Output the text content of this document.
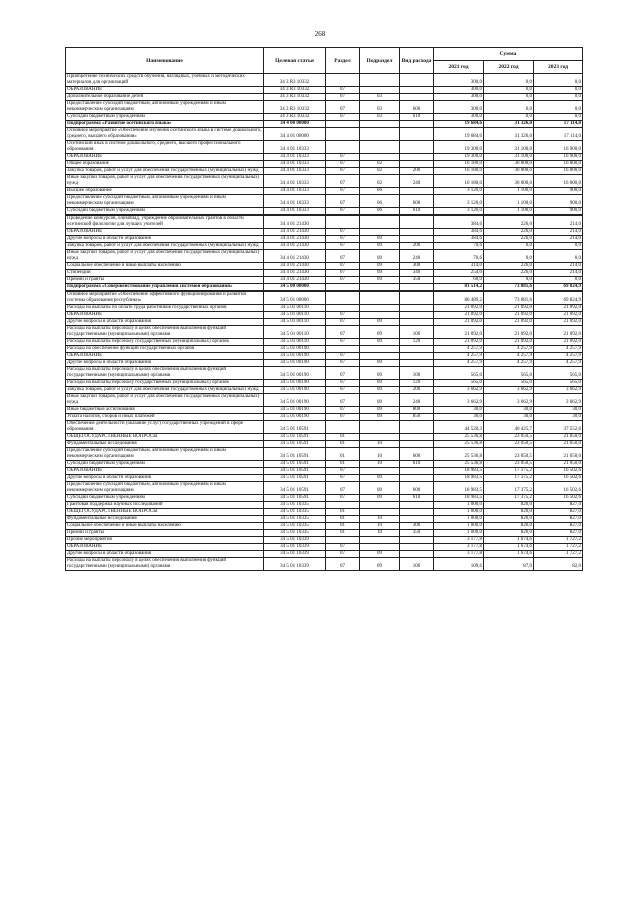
268
Наименование	Целевая статья	Раздел	Подраздел	Вид расхода	Сумма		
					2021 год	2022 год	2023 год
Приобретение технических средств обучения, наглядных, учебных и методических материалов для организаций	34 3 R3 10332				300,0	0,0	0,0
ОБРАЗОВАНИЕ	34 3 R3 10332	07			300,0	0,0	0,0
Дополнительное образование детей	34 3 R3 10332	07	03		300,0	0,0	0,0
Предоставление субсидий бюджетным, автономным учреждениям и иным некоммерческим организациям	34 3 R3 10332	07	03	600	300,0	0,0	0,0
Субсидии бюджетным учреждениям	34 3 R3 10332	07	03	610	300,0	0,0	0,0
Подпрограмма «Развитие осетинского языка»	34 4 00 00000				19 684,6	31 326,0	17 114,0
Основное мероприятие «Обеспечение изучения осетинского языка в системе дошкольного, среднего, высшего образования»	34 4 01 00000				19 684,6	31 326,0	17 114,0
Осетинский язык в системе дошкольного, среднего, высшего профессионального образования	34 4 01 10333				19 300,0	31 100,0	16 900,0
ОБРАЗОВАНИЕ	34 4 01 10333	07			19 300,0	31 100,0	16 900,0
Общее образование	34 4 01 10333	07	02		16 180,0	30 000,0	16 000,0
Закупка товаров, работ и услуг для обеспечения государственных (муниципальных) нужд	34 4 01 10333	07	02	200	16 180,0	30 000,0	16 000,0
Иные закупки товаров, работ и услуг для обеспечения государственных (муниципальных) нужд	34 4 01 10333	07	02	240	16 180,0	30 000,0	16 000,0
Высшее образование	34 4 01 10333	07	06		3 120,0	1 100,0	900,0
Предоставление субсидий бюджетным, автономным учреждениям и иным некоммерческим организациям	34 4 01 10333	07	06	600	3 120,0	1 100,0	900,0
Субсидии бюджетным учреждениям	34 4 01 10333	07	06	610	3 120,0	1 100,0	900,0

Проведение конкурсов, олимпиад, учреждение образовательных грантов в области осетинской филологии для лучших учителей	34 4 01 21430				384,6	226,0	214,0
ОБРАЗОВАНИЕ	34 4 01 21430	07			384,6	226,0	214,0
Другие вопросы в области образования	34 4 01 21430	07	09		384,6	226,0	214,0
Закупка товаров, работ и услуг для обеспечения государственных (муниципальных) нужд	34 4 01 21430	07	09	200	70,6	0,0	0,0
Иные закупки товаров, работ и услуг для обеспечения государственных (муниципальных) нужд	34 4 01 21430	07	09	240	70,6	0,0	0,0
Социальное обеспечение и иные выплаты населению	34 4 01 21430	07	09	300	314,0	226,0	214,0
Стипендии	34 4 01 21430	07	09	340	254,0	226,0	214,0
Премии и гранты	34 4 01 21430	07	09	350	60,0	0,0	0,0
Подпрограмма «Совершенствование управления системой образования»	34 5 00 00000				81 514,2	73 881,6	69 824,9

Основное мероприятие «Обеспечение эффективного функционирования и развития системы образования республики»	34 5 01 00000				80 489,2	73 081,6	69 824,9
Расходы на выплаты по оплате труда работников государственных органов	34 5 01 00110				21 092,0	21 092,0	21 092,0
ОБРАЗОВАНИЕ	34 5 01 00110	07			21 092,0	21 092,0	21 092,0
Другие вопросы в области образования	34 5 01 00110	07	09		21 092,0	21 092,0	21 092,0
Расходы на выплаты персоналу в целях обеспечения выполнения функций государственными (муниципальными) органами	34 5 01 00110	07	09	100	21 092,0	21 092,0	21 092,0
Расходы на выплаты персоналу государственных (муниципальных) органов	34 5 01 00110	07	09	120	21 092,0	21 092,0	21 092,0
Расходы на обеспечение функций государственных органов	34 5 01 00190				4 257,9	4 257,9	4 257,9
ОБРАЗОВАНИЕ	34 5 01 00190	07			4 257,9	4 257,9	4 257,9
Другие вопросы в области образования	34 5 01 00190	07	09		4 257,9	4 257,9	4 257,9
Расходы на выплаты персоналу в целях обеспечения выполнения функций государственными (муниципальными) органами	34 5 01 00190	07	09	100	565,0	565,0	565,0
Расходы на выплаты персоналу государственных (муниципальных) органов	34 5 01 00190	07	09	120	565,0	565,0	565,0
Закупка товаров, работ и услуг для обеспечения государственных (муниципальных) нужд	34 5 01 00190	07	09	200	3 662,9	3 662,9	3 662,9
Иные закупки товаров, работ и услуг для обеспечения государственных (муниципальных) нужд	34 5 01 00190	07	09	240	3 662,9	3 662,9	3 662,9
Иные бюджетные ассигнования	34 5 01 00190	07	09	800	30,0	30,0	30,0
Уплата налогов, сборов и иных платежей	34 5 01 00190	07	09	850	30,0	30,0	30,0
Обеспечение деятельности (оказание услуг) государственных учреждений в сфере образования	34 5 01 10591				44 520,3	40 425,7	37 552,6
ОБЩЕГОСУДАРСТВЕННЫЕ ВОПРОСЫ	34 5 01 10591	01			25 536,8	23 050,5	21 050,0
Фундаментальные исследования	34 5 01 10591	01	10		25 536,8	23 050,5	21 050,0
Предоставление субсидий бюджетным, автономным учреждениям и иным некоммерческим организациям	34 5 01 10591	01	10	600	25 536,8	23 050,5	21 050,0
Субсидии бюджетным учреждениям	34 5 01 10591	01	10	610	25 536,8	23 050,5	21 050,0
ОБРАЗОВАНИЕ	34 5 01 10591	07			18 983,5	17 375,2	16 502,6
Другие вопросы в области образования	34 5 01 10591	07	09		18 983,5	17 375,2	16 502,6
Предоставление субсидий бюджетным, автономным учреждениям и иным некоммерческим организациям	34 5 01 10591	07	09	600	18 983,5	17 375,2	16 502,6
Субсидии бюджетным учреждениям	34 5 01 10591	07	09	610	18 983,5	17 375,2	16 502,6
Грантовая поддержка научных исследований	34 5 01 10335				1 000,0	820,0	827,0
ОБЩЕГОСУДАРСТВЕННЫЕ ВОПРОСЫ	34 5 01 10335	01			1 000,0	820,0	827,0
Фундаментальные исследования	34 5 01 10335	01	10		1 000,0	820,0	827,0
Социальное обеспечение и иные выплаты населению	34 5 01 10335	01	10	300	1 000,0	820,0	827,0
Премии и гранты	34 5 01 10335	01	10	350	1 000,0	820,0	827,0
Прочие мероприятия	34 5 01 10339				3 177,8	1 674,6	1 727,2
ОБРАЗОВАНИЕ	34 5 01 10339	07			3 177,8	1 674,6	1 727,2
Другие вопросы в области образования	34 5 01 10339	07	09		3 177,8	1 674,6	1 727,2
Расходы на выплаты персоналу в целях обеспечения выполнения функций государственными (муниципальными) органами	34 5 01 10339	07	09	100	109,6	87,0	82,0
